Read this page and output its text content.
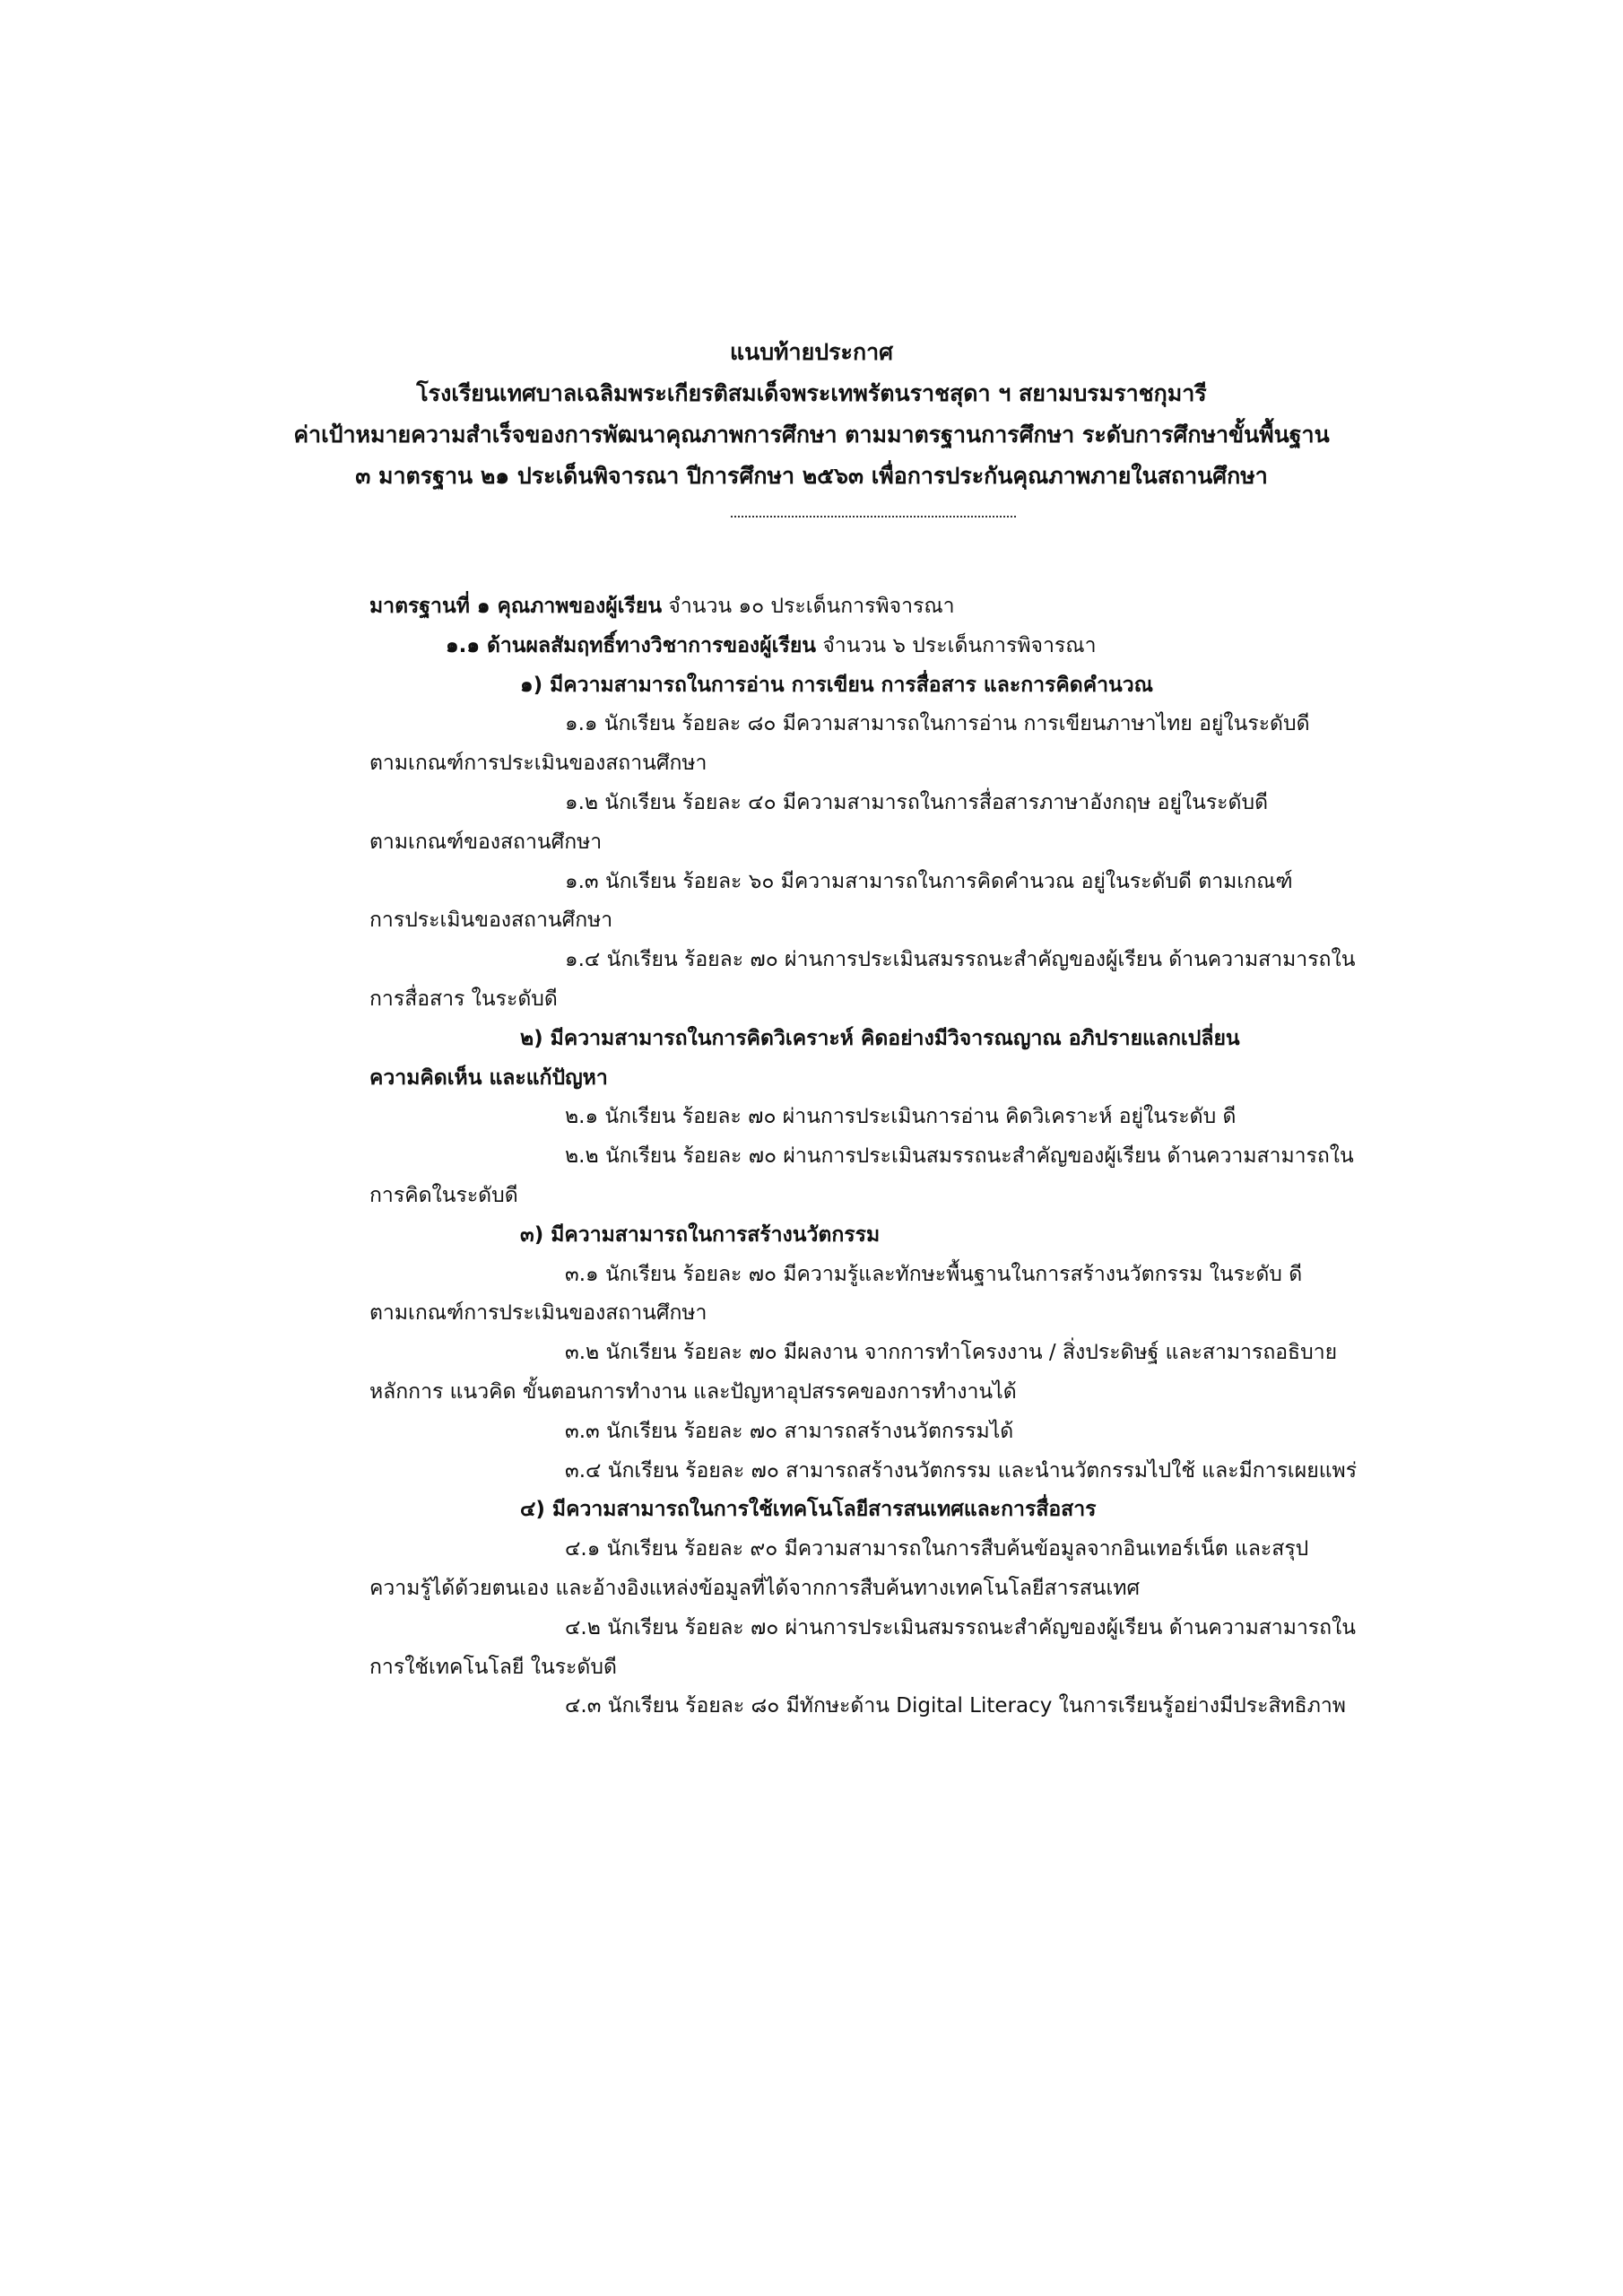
แนบท้ายประกาศ
โรงเรียนเทศบาลเฉลิมพระเกียรติสมเด็จพระเทพรัตนราชสุดา ฯ สยามบรมราชกุมารี
ค่าเป้าหมายความสำเร็จของการพัฒนาคุณภาพการศึกษา ตามมาตรฐานการศึกษา ระดับการศึกษาขั้นพื้นฐาน
๓ มาตรฐาน ๒๑ ประเด็นพิจารณา ปีการศึกษา ๒๕๖๓ เพื่อการประกันคุณภาพภายในสถานศึกษา
มาตรฐานที่ ๑ คุณภาพของผู้เรียน จำนวน ๑๐ ประเด็นการพิจารณา
๑.๑ ด้านผลสัมฤทธิ์ทางวิชาการของผู้เรียน จำนวน ๖ ประเด็นการพิจารณา
๑) มีความสามารถในการอ่าน การเขียน การสื่อสาร และการคิดคำนวณ
๑.๑ นักเรียน ร้อยละ ๘๐ มีความสามารถในการอ่าน การเขียนภาษาไทย อยู่ในระดับดี
ตามเกณฑ์การประเมินของสถานศึกษา
๑.๒ นักเรียน ร้อยละ ๔๐ มีความสามารถในการสื่อสารภาษาอังกฤษ อยู่ในระดับดี
ตามเกณฑ์ของสถานศึกษา
๑.๓ นักเรียน ร้อยละ ๖๐ มีความสามารถในการคิดคำนวณ อยู่ในระดับดี ตามเกณฑ์
การประเมินของสถานศึกษา
๑.๔ นักเรียน ร้อยละ ๗๐ ผ่านการประเมินสมรรถนะสำคัญของผู้เรียน ด้านความสามารถใน
การสื่อสาร ในระดับดี
๒) มีความสามารถในการคิดวิเคราะห์ คิดอย่างมีวิจารณญาณ อภิปรายแลกเปลี่ยน
ความคิดเห็น และแก้ปัญหา
๒.๑ นักเรียน ร้อยละ ๗๐ ผ่านการประเมินการอ่าน คิดวิเคราะห์ อยู่ในระดับ ดี
๒.๒ นักเรียน ร้อยละ ๗๐ ผ่านการประเมินสมรรถนะสำคัญของผู้เรียน ด้านความสามารถใน
การคิดในระดับดี
๓) มีความสามารถในการสร้างนวัตกรรม
๓.๑ นักเรียน ร้อยละ ๗๐ มีความรู้และทักษะพื้นฐานในการสร้างนวัตกรรม ในระดับ ดี
ตามเกณฑ์การประเมินของสถานศึกษา
๓.๒ นักเรียน ร้อยละ ๗๐ มีผลงาน จากการทำโครงงาน / สิ่งประดิษฐ์ และสามารถอธิบาย
หลักการ แนวคิด ขั้นตอนการทำงาน และปัญหาอุปสรรคของการทำงานได้
๓.๓ นักเรียน ร้อยละ ๗๐ สามารถสร้างนวัตกรรมได้
๓.๔ นักเรียน ร้อยละ ๗๐ สามารถสร้างนวัตกรรม และนำนวัตกรรมไปใช้ และมีการเผยแพร่
๔) มีความสามารถในการใช้เทคโนโลยีสารสนเทศและการสื่อสาร
๔.๑ นักเรียน ร้อยละ ๙๐ มีความสามารถในการสืบค้นข้อมูลจากอินเทอร์เน็ต และสรุป
ความรู้ได้ด้วยตนเอง และอ้างอิงแหล่งข้อมูลที่ได้จากการสืบค้นทางเทคโนโลยีสารสนเทศ
๔.๒ นักเรียน ร้อยละ ๗๐ ผ่านการประเมินสมรรถนะสำคัญของผู้เรียน ด้านความสามารถใน
การใช้เทคโนโลยี ในระดับดี
๔.๓ นักเรียน ร้อยละ ๘๐ มีทักษะด้าน Digital Literacy ในการเรียนรู้อย่างมีประสิทธิภาพ
